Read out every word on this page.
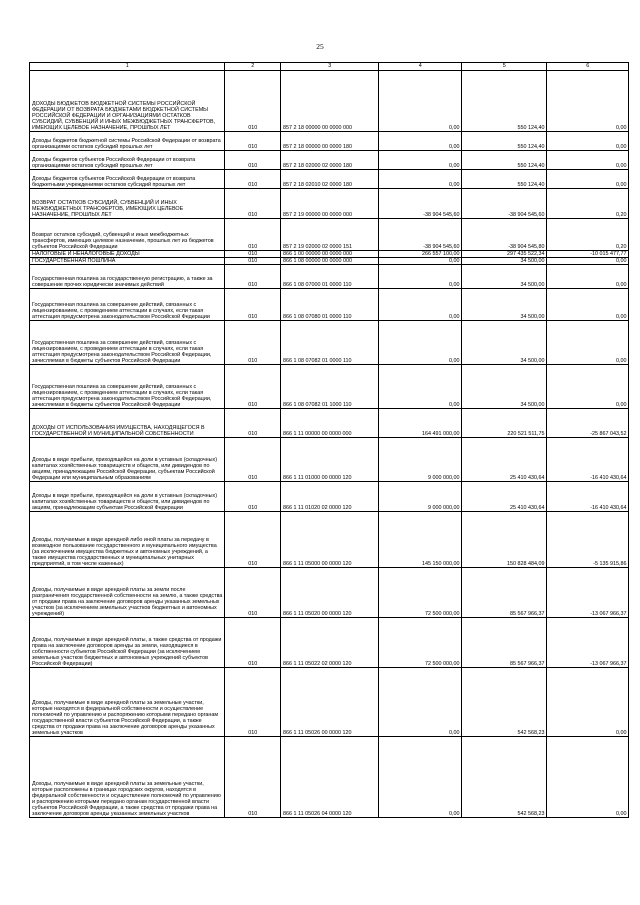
25
1	2	3	4	5	6
ДОХОДЫ БЮДЖЕТОВ БЮДЖЕТНОЙ СИСТЕМЫ РОССИЙСКОЙ ФЕДЕРАЦИИ ОТ ВОЗВРАТА БЮДЖЕТАМИ БЮДЖЕТНОЙ СИСТЕМЫ РОССИЙСКОЙ ФЕДЕРАЦИИ И ОРГАНИЗАЦИЯМИ ОСТАТКОВ СУБСИДИЙ, СУБВЕНЦИЙ И ИНЫХ МЕЖБЮДЖЕТНЫХ ТРАНСФЕРТОВ, ИМЕЮЩИХ ЦЕЛЕВОЕ НАЗНАЧЕНИЕ, ПРОШЛЫХ ЛЕТ	010	857 2 18 00000 00 0000 000	0,00	550 124,40	0,00
Доходы бюджетов бюджетной системы Российской Федерации от возврата организациями остатков субсидий прошлых лет	010	857 2 18 00000 00 0000 180	0,00	550 124,40	0,00
Доходы бюджетов субъектов Российской Федерации от возврата организациями остатков субсидий прошлых лет	010	857 2 18 02000 02 0000 180	0,00	550 124,40	0,00
Доходы бюджетов субъектов Российской Федерации от возврата бюджетными учреждениями остатков субсидий прошлых лет	010	857 2 18 02010 02 0000 180	0,00	550 124,40	0,00
ВОЗВРАТ ОСТАТКОВ СУБСИДИЙ, СУБВЕНЦИЙ И ИНЫХ МЕЖБЮДЖЕТНЫХ ТРАНСФЕРТОВ, ИМЕЮЩИХ ЦЕЛЕВОЕ НАЗНАЧЕНИЕ, ПРОШЛЫХ ЛЕТ	010	857 2 19 00000 00 0000 000	-38 904 545,60	-38 904 545,60	0,20
Возврат остатков субсидий, субвенций и иных межбюджетных трансфертов, имеющих целевое назначение, прошлых лет из бюджетов субъектов Российской Федерации	010	857 2 19 02000 02 0000 151	-38 904 545,60	-38 904 545,80	0,20
НАЛОГОВЫЕ И НЕНАЛОГОВЫЕ ДОХОДЫ	010	866 1 00 00000 00 0000 000	266 557 100,00	297 435 522,34	-10 015 477,77
ГОСУДАРСТВЕННАЯ ПОШЛИНА	010	866 1 08 00000 00 0000 000	0,00	34 500,00	0,00
Государственная пошлина за государственную регистрацию, а также за совершение прочих юридически значимых действий	010	866 1 08 07000 01 0000 110	0,00	34 500,00	0,00
Государственная пошлина за совершение действий, связанных с лицензированием, с проведением аттестации в случаях, если такая аттестация предусмотрена законодательством Российской Федерации	010	866 1 08 07080 01 0000 110	0,00	34 500,00	0,00
Государственная пошлина за совершение действий, связанных с лицензированием, с проведением аттестации в случаях, если такая аттестация предусмотрена законодательством Российской Федерации, зачисляемая в бюджеты субъектов Российской Федерации	010	866 1 08 07082 01 0000 110	0,00	34 500,00	0,00
Государственная пошлина за совершение действий, связанных с лицензированием, с проведением аттестации в случаях, если такая аттестация предусмотрена законодательством Российской Федерации, зачисляемая в бюджеты субъектов Российской Федерации	010	866 1 08 07082 01 1000 110	0,00	34 500,00	0,00
ДОХОДЫ ОТ ИСПОЛЬЗОВАНИЯ ИМУЩЕСТВА, НАХОДЯЩЕГОСЯ В ГОСУДАРСТВЕННОЙ И МУНИЦИПАЛЬНОЙ СОБСТВЕННОСТИ	010	866 1 11 00000 00 0000 000	164 491 000,00	220 521 511,75	-25 867 043,52
Доходы в виде прибыли, приходящейся на доли в уставных (складочных) капиталах хозяйственных товариществ и обществ, или дивидендов по акциям, принадлежащим Российской Федерации, субъектам Российской Федерации или муниципальным образованиям	010	866 1 11 01000 00 0000 120	9 000 000,00	25 410 430,64	-16 410 430,64
Доходы в виде прибыли, приходящейся на доли в уставных (складочных) капиталах хозяйственных товариществ и обществ, или дивидендов по акциям, принадлежащим субъектам Российской Федерации	010	866 1 11 01020 02 0000 120	9 000 000,00	25 410 430,64	-16 410 430,64
Доходы, получаемые в виде арендной либо иной платы за передачу в возмездное пользование государственного и муниципального имущества (за исключением имущества бюджетных и автономных учреждений, а также имущества государственных и муниципальных унитарных предприятий, в том числе казенных)	010	866 1 11 05000 00 0000 120	145 150 000,00	150 828 484,09	-5 135 915,86
Доходы, получаемые в виде арендной платы за земли после разграничения государственной собственности на землю, а также средства от продажи права на заключение договоров аренды указанных земельных участков (за исключением земельных участков бюджетных и автономных учреждений)	010	866 1 11 05020 00 0000 120	72 500 000,00	85 567 966,37	-13 067 966,37
Доходы, получаемые в виде арендной платы, а также средства от продажи права на заключение договоров аренды за земли, находящиеся в собственности субъектов Российской Федерации (за исключением земельных участков бюджетных и автономных учреждений субъектов Российской Федерации)	010	866 1 11 05022 02 0000 120	72 500 000,00	85 567 966,37	-13 067 966,37
Доходы, получаемые в виде арендной платы за земельные участки, которые находятся в федеральной собственности и осуществление полномочий по управлению и распоряжению которыми передано органам государственной власти субъектов Российской Федерации, а также средства от продажи права на заключение договоров аренды указанных земельных участков	010	866 1 11 05026 00 0000 120	0,00	542 568,23	0,00
Доходы, получаемые в виде арендной платы за земельные участки, которые расположены в границах городских округов, находятся в федеральной собственности и осуществление полномочий по управлению и распоряжению которыми передано органам государственной власти субъектов Российской Федерации, а также средства от продажи права на заключение договоров аренды указанных земельных участков	010	866 1 11 05026 04 0000 120	0,00	542 568,23	0,00
